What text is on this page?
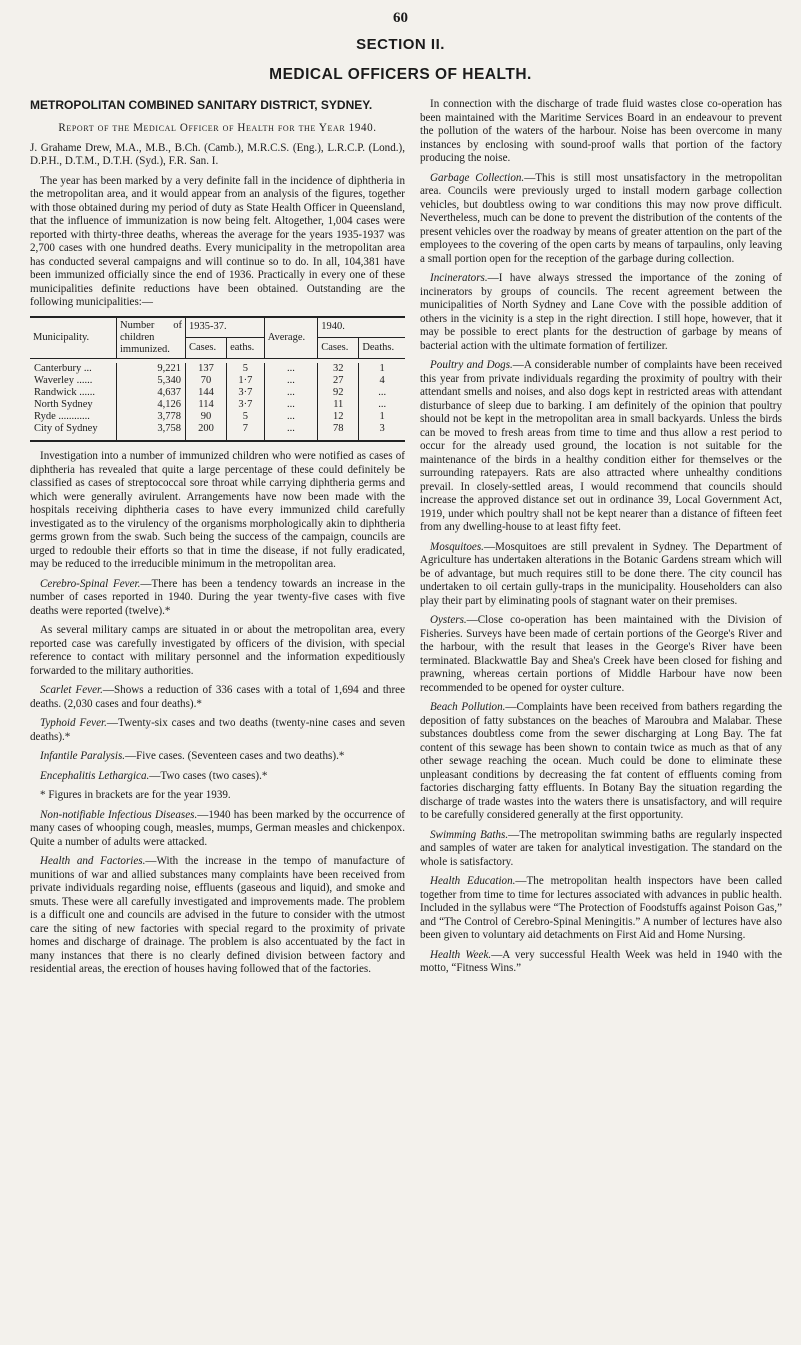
60
SECTION II.
MEDICAL OFFICERS OF HEALTH.
METROPOLITAN COMBINED SANITARY DISTRICT, SYDNEY.

Report of the Medical Officer of Health for the Year 1940.

J. Grahame Drew, M.A., M.B., B.Ch. (Camb.), M.R.C.S. (Eng.), L.R.C.P. (Lond.), D.P.H., D.T.M., D.T.H. (Syd.), F.R. San. I.

The year has been marked by a very definite fall in the incidence of diphtheria in the metropolitan area, and it would appear from an analysis of the figures, together with those obtained during my period of duty as State Health Officer in Queensland, that the influence of immunization is now being felt. Altogether, 1,004 cases were reported with thirty-three deaths, whereas the average for the years 1935-1937 was 2,700 cases with one hundred deaths. Every municipality in the metropolitan area has conducted several campaigns and will continue so to do. In all, 104,381 have been immunized officially since the end of 1936. Practically in every one of these municipalities definite reductions have been obtained. Outstanding are the following municipalities:—

Municipality.	Number of children immunized.	1935-37.		Average.	1940.	
		Cases.	eaths.		Cases.	Deaths.

Canterbury ...	9,221	137	5	...	32	1
Waverley ......	5,340	70	1·7	...	27	4
Randwick ......	4,637	144	3·7	...	92	...
North Sydney	4,126	114	3·7	...	11	...
Ryde ............	3,778	90	5	...	12	1
City of Sydney	3,758	200	7	...	78	3

Investigation into a number of immunized children who were notified as cases of diphtheria has revealed that quite a large percentage of these could definitely be classified as cases of streptococcal sore throat while carrying diphtheria germs and which were generally avirulent. Arrangements have now been made with the hospitals receiving diphtheria cases to have every immunized child carefully investigated as to the virulency of the organisms morphologically akin to diphtheria germs grown from the swab. Such being the success of the campaign, councils are urged to redouble their efforts so that in time the disease, if not fully eradicated, may be reduced to the irreducible minimum in the metropolitan area.

Cerebro-Spinal Fever.—There has been a tendency towards an increase in the number of cases reported in 1940. During the year twenty-five cases with five deaths were reported (twelve).*

As several military camps are situated in or about the metropolitan area, every reported case was carefully investigated by officers of the division, with special reference to contact with military personnel and the information expeditiously forwarded to the military authorities.

Scarlet Fever.—Shows a reduction of 336 cases with a total of 1,694 and three deaths. (2,030 cases and four deaths).*

Typhoid Fever.—Twenty-six cases and two deaths (twenty-nine cases and seven deaths).*

Infantile Paralysis.—Five cases. (Seventeen cases and two deaths).*

Encephalitis Lethargica.—Two cases (two cases).*

* Figures in brackets are for the year 1939.

Non-notifiable Infectious Diseases.—1940 has been marked by the occurrence of many cases of whooping cough, measles, mumps, German measles and chickenpox. Quite a number of adults were attacked.

Health and Factories.—With the increase in the tempo of manufacture of munitions of war and allied substances many complaints have been received from private individuals regarding noise, effluents (gaseous and liquid), and smoke and smuts. These were all carefully investigated and improvements made. The problem is a difficult one and councils are advised in the future to consider with the utmost care the siting of new factories with special regard to the proximity of private homes and discharge of drainage. The problem is also accentuated by the fact in many instances that there is no clearly defined division between factory and residential areas, the erection of houses having followed that of the factories.

In connection with the discharge of trade fluid wastes close co-operation has been maintained with the Maritime Services Board in an endeavour to prevent the pollution of the waters of the harbour. Noise has been overcome in many instances by enclosing with sound-proof walls that portion of the factory producing the noise.

Garbage Collection.—This is still most unsatisfactory in the metropolitan area. Councils were previously urged to install modern garbage collection vehicles, but doubtless owing to war conditions this may now prove difficult. Nevertheless, much can be done to prevent the distribution of the contents of the present vehicles over the roadway by means of greater attention on the part of the employees to the covering of the open carts by means of tarpaulins, only leaving a small portion open for the reception of the garbage during collection.

Incinerators.—I have always stressed the importance of the zoning of incinerators by groups of councils. The recent agreement between the municipalities of North Sydney and Lane Cove with the possible addition of others in the vicinity is a step in the right direction. I still hope, however, that it may be possible to erect plants for the destruction of garbage by means of bacterial action with the ultimate formation of fertilizer.

Poultry and Dogs.—A considerable number of complaints have been received this year from private individuals regarding the proximity of poultry with their attendant smells and noises, and also dogs kept in restricted areas with attendant disturbance of sleep due to barking. I am definitely of the opinion that poultry should not be kept in the metropolitan area in small backyards. Unless the birds can be moved to fresh areas from time to time and thus allow a rest period to occur for the already used ground, the location is not suitable for the maintenance of the birds in a healthy condition either for themselves or the surrounding ratepayers. Rats are also attracted where unhealthy conditions prevail. In closely-settled areas, I would recommend that councils should increase the approved distance set out in ordinance 39, Local Government Act, 1919, under which poultry shall not be kept nearer than a distance of fifteen feet from any dwelling-house to at least fifty feet.

Mosquitoes.—Mosquitoes are still prevalent in Sydney. The Department of Agriculture has undertaken alterations in the Botanic Gardens stream which will be of advantage, but much requires still to be done there. The city council has undertaken to oil certain gully-traps in the municipality. Householders can also play their part by eliminating pools of stagnant water on their premises.

Oysters.—Close co-operation has been maintained with the Division of Fisheries. Surveys have been made of certain portions of the George's River and the harbour, with the result that leases in the George's River have been terminated. Blackwattle Bay and Shea's Creek have been closed for fishing and prawning, whereas certain portions of Middle Harbour have now been recommended to be opened for oyster culture.

Beach Pollution.—Complaints have been received from bathers regarding the deposition of fatty substances on the beaches of Maroubra and Malabar. These substances doubtless come from the sewer discharging at Long Bay. The fat content of this sewage has been shown to contain twice as much as that of any other sewage reaching the ocean. Much could be done to eliminate these unpleasant conditions by decreasing the fat content of effluents coming from factories discharging fatty effluents. In Botany Bay the situation regarding the discharge of trade wastes into the waters there is unsatisfactory, and will require to be carefully considered generally at the first opportunity.

Swimming Baths.—The metropolitan swimming baths are regularly inspected and samples of water are taken for analytical investigation. The standard on the whole is satisfactory.

Health Education.—The metropolitan health inspectors have been called together from time to time for lectures associated with advances in public health. Included in the syllabus were “The Protection of Foodstuffs against Poison Gas,” and “The Control of Cerebro-Spinal Meningitis.” A number of lectures have also been given to voluntary aid detachments on First Aid and Home Nursing.

Health Week.—A very successful Health Week was held in 1940 with the motto, “Fitness Wins.”
